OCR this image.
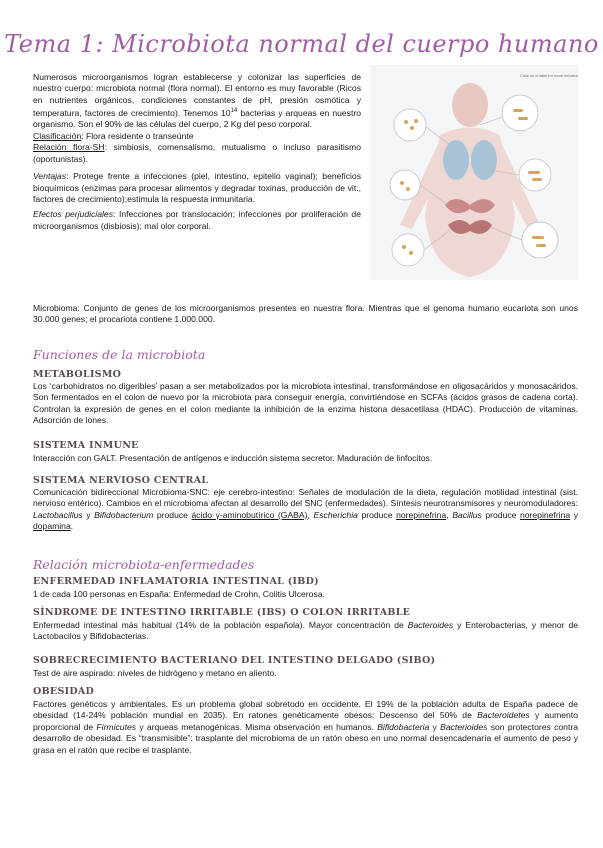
Tema 1: Microbiota normal del cuerpo humano

Numerosos microorganismos logran establecerse y colonizar las superficies de nuestro cuerpo: microbiota normal (flora normal). El entorno es muy favorable (Ricos en nutrientes orgánicos, condiciones constantes de pH, presión osmótica y temperatura, factores de crecimiento). Tenemos $10^{14}$ bacterias y arqueas en nuestro organismo. Son el 90% de las células del cuerpo, 2 Kg del peso corporal.

Clasificación: Flora residente o transeúnte

Relación flora-SH: simbiosis, comensalismo, mutualismo o incluso parasitismo (oportunistas).

Ventajas: Protege frente a infecciones (piel, intestino, epitelio vaginal); beneficios bioquímicos (enzimas para procesar alimentos y degradar toxinas, producción de vit., factores de crecimiento);estimula la respuesta inmunitaria.

Efectos perjudiciales: Infecciones por translocación; infecciones por proliferación de microorganismos (disbiosis); mal olor corporal.

Click on a label for more information

Microbioma: Conjunto de genes de los microorganismos presentes en nuestra flora. Mientras que el genoma humano eucariota son unos 30.000 genes; el procariota contiene 1.000.000.

Funciones de la microbiota
METABOLISMO

Los ‘carbohidratos no digeribles’ pasan a ser metabolizados por la microbiota intestinal, transformándose en oligosacáridos y monosacáridos. Son fermentados en el colon de nuevo por la microbiota para conseguir energía, convirtiéndose en SCFAs (ácidos grasos de cadena corta). Controlan la expresión de genes en el colon mediante la inhibición de la enzima histona desacetilasa (HDAC). Producción de vitaminas. Adsorción de iones.

SISTEMA INMUNE

Interacción con GALT. Presentación de antígenos e inducción sistema secretor. Maduración de linfocitos.

SISTEMA NERVIOSO CENTRAL

Comunicación bidireccional Microbioma-SNC: eje cerebro-intestino: Señales de modulación de la dieta, regulación motilidad intestinal (sist. nervioso entérico). Cambios en el microbioma afectan al desarrollo del SNC (enfermedades). Síntesis neurotransmisores y neuromoduladores: Lactobacillus y Bifidobacterium produce ácido γ-aminobutírico (GABA), Escherichia produce norepinefrina, Bacillus produce norepinefrina y dopamina.

Relación microbiota-enfermedades
ENFERMEDAD INFLAMATORIA INTESTINAL (IBD)

1 de cada 100 personas en España: Enfermedad de Crohn, Colitis Ulcerosa.

SÍNDROME DE INTESTINO IRRITABLE (IBS) O COLON IRRITABLE

Enfermedad intestinal más habitual (14% de la población española). Mayor concentración de Bacteroides y Enterobacterias, y menor de Lactobacilos y Bifidobacterias.

SOBRECRECIMIENTO BACTERIANO DEL INTESTINO DELGADO (SIBO)

Test de aire aspirado: niveles de hidrógeno y metano en aliento.

OBESIDAD

Factores genéticos y ambientales. Es un problema global sobretodo en occidente. El 19% de la población adulta de España padece de obesidad (14-24% población mundial en 2035). En ratones genéticamente obesos: Descenso del 50% de Bacteroidetes y aumento proporcional de Firmicutes y arqueas metanogénicas. Misma observación en humanos. Bifidobacteria y Bacterioides son protectores contra desarrollo de obesidad. Es “transmisible”: trasplante del microbioma de un ratón obeso en uno normal desencadenaría el aumento de peso y grasa en el ratón que recibe el trasplante.
